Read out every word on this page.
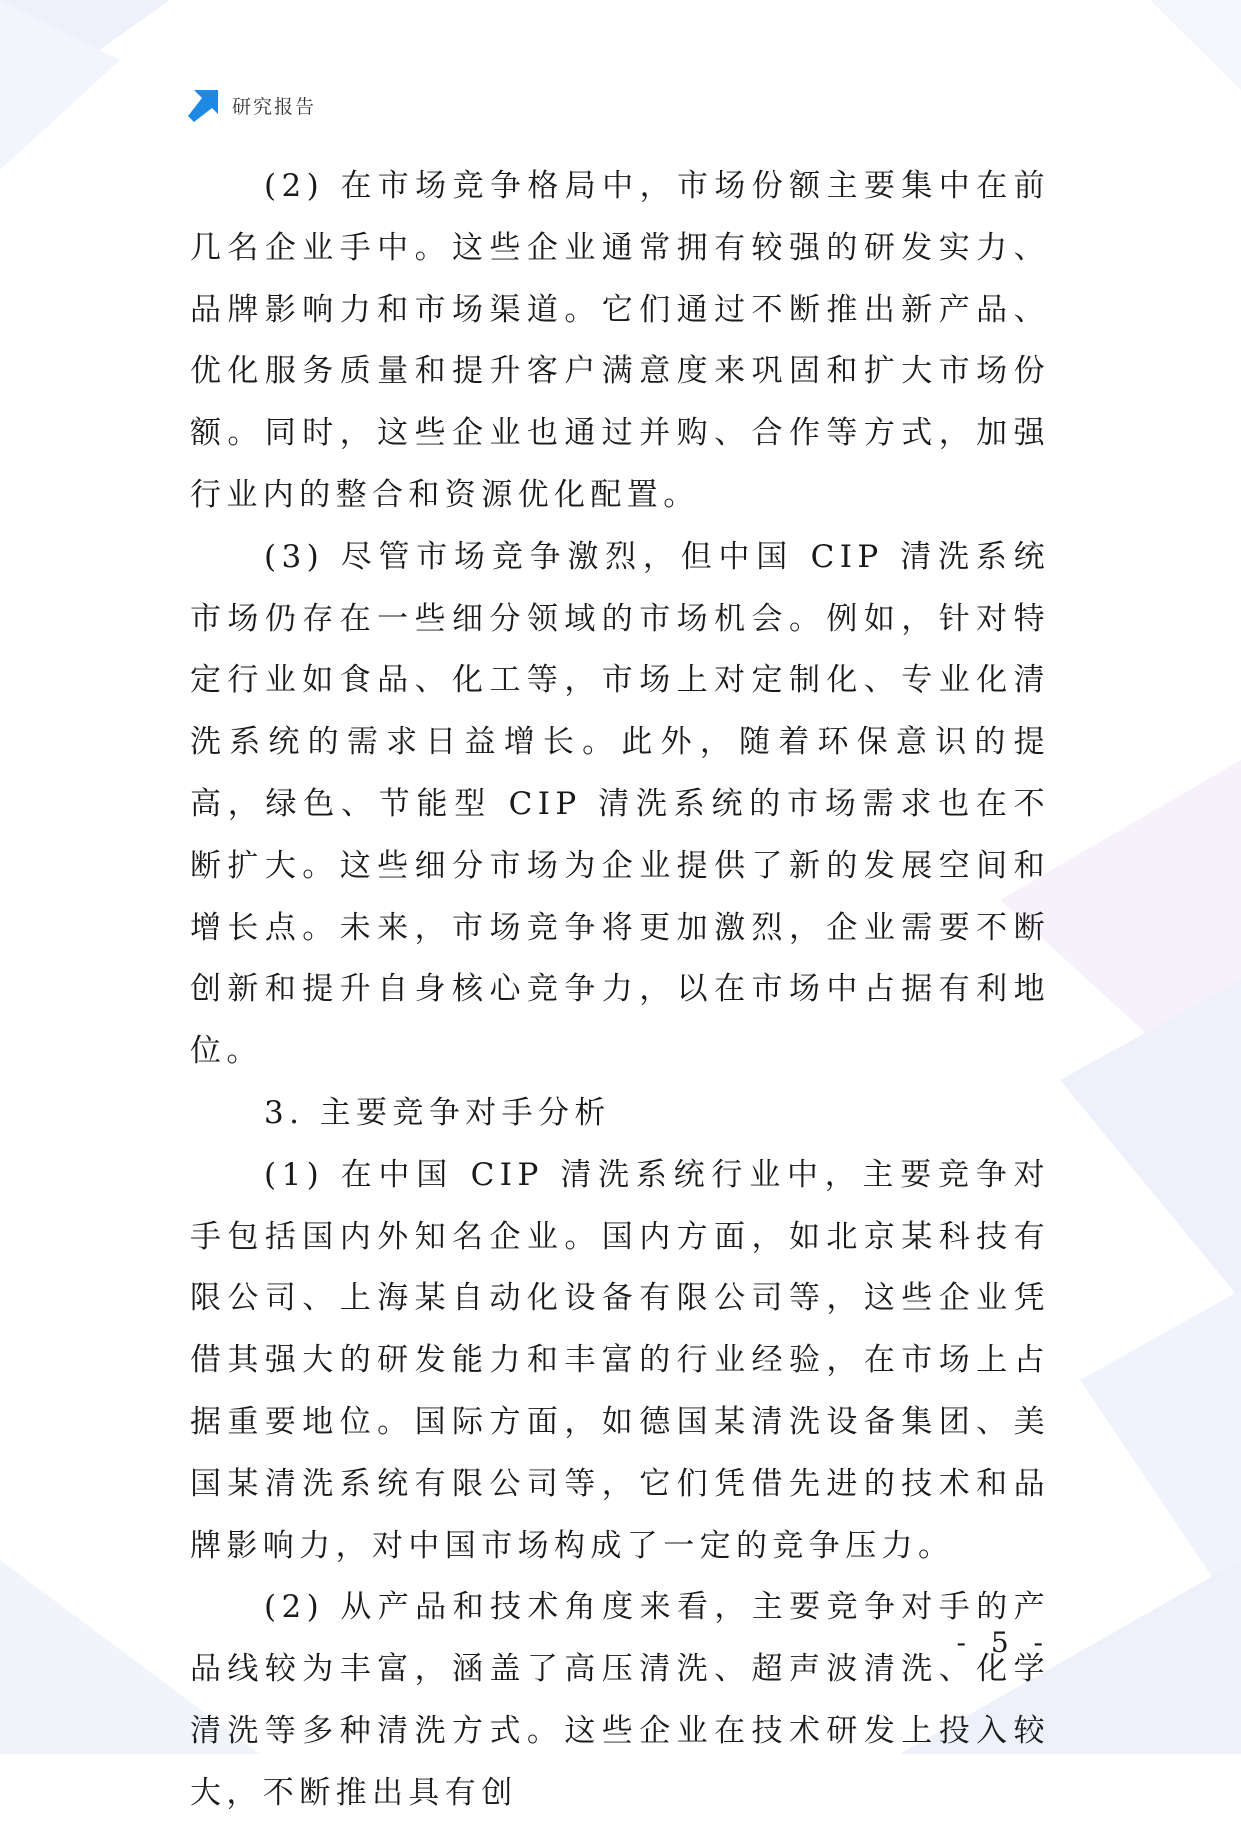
研究报告

(2) 在市场竞争格局中，市场份额主要集中在前几名企业手中。这些企业通常拥有较强的研发实力、品牌影响力和市场渠道。它们通过不断推出新产品、优化服务质量和提升客户满意度来巩固和扩大市场份额。同时，这些企业也通过并购、合作等方式，加强行业内的整合和资源优化配置。

(3) 尽管市场竞争激烈，但中国 CIP 清洗系统市场仍存在一些细分领域的市场机会。例如，针对特定行业如食品、化工等，市场上对定制化、专业化清洗系统的需求日益增长。此外，随着环保意识的提高，绿色、节能型 CIP 清洗系统的市场需求也在不断扩大。这些细分市场为企业提供了新的发展空间和增长点。未来，市场竞争将更加激烈，企业需要不断创新和提升自身核心竞争力，以在市场中占据有利地位。

3. 主要竞争对手分析

(1) 在中国 CIP 清洗系统行业中，主要竞争对手包括国内外知名企业。国内方面，如北京某科技有限公司、上海某自动化设备有限公司等，这些企业凭借其强大的研发能力和丰富的行业经验，在市场上占据重要地位。国际方面，如德国某清洗设备集团、美国某清洗系统有限公司等，它们凭借先进的技术和品牌影响力，对中国市场构成了一定的竞争压力。

(2) 从产品和技术角度来看，主要竞争对手的产品线较为丰富，涵盖了高压清洗、超声波清洗、化学清洗等多种清洗方式。这些企业在技术研发上投入较大，不断推出具有创

- 5 -
